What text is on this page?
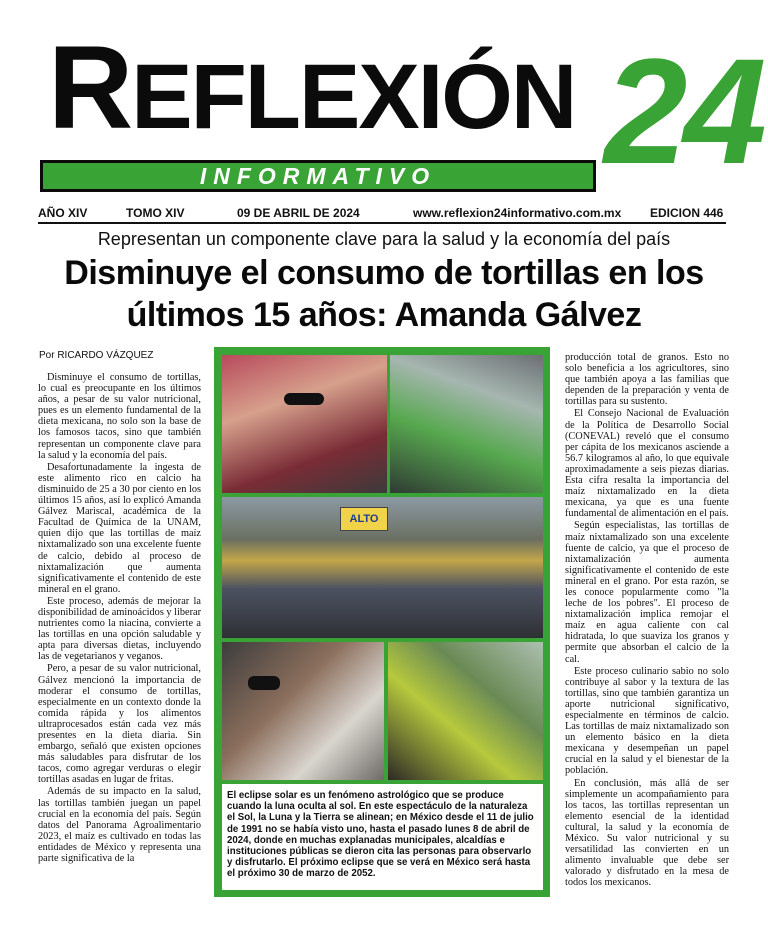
REFLEXIÓN 24
INFORMATIVO
AÑO XIV	TOMO XIV	09 DE ABRIL DE 2024	www.reflexion24informativo.com.mx EDICION 446
Representan un componente clave para la salud y la economía del país
Disminuye el consumo de tortillas en los últimos 15 años: Amanda Gálvez
Por RICARDO VÁZQUEZ

Disminuye el consumo de tortillas, lo cual es preocupante en los últimos años, a pesar de su valor nutricional, pues es un elemento fundamental de la dieta mexicana, no solo son la base de los famosos tacos, sino que también representan un componente clave para la salud y la economía del país.

Desafortunadamente la ingesta de este alimento rico en calcio ha disminuido de 25 a 30 por ciento en los últimos 15 años, así lo explicó Amanda Gálvez Mariscal, académica de la Facultad de Química de la UNAM, quien dijo que las tortillas de maíz nixtamalizado son una excelente fuente de calcio, debido al proceso de nixtamalización que aumenta significativamente el contenido de este mineral en el grano.

Este proceso, además de mejorar la disponibilidad de aminoácidos y liberar nutrientes como la niacina, convierte a las tortillas en una opción saludable y apta para diversas dietas, incluyendo las de vegetarianos y veganos.

Pero, a pesar de su valor nutricional, Gálvez mencionó la importancia de moderar el consumo de tortillas, especialmente en un contexto donde la comida rápida y los alimentos ultraprocesados están cada vez más presentes en la dieta diaria. Sin embargo, señaló que existen opciones más saludables para disfrutar de los tacos, como agregar verduras o elegir tortillas asadas en lugar de fritas.

Además de su impacto en la salud, las tortillas también juegan un papel crucial en la economía del país. Según datos del Panorama Agroalimentario 2023, el maíz es cultivado en todas las entidades de México y representa una parte significativa de la

ALTO
El eclipse solar es un fenómeno astrológico que se produce cuando la luna oculta al sol. En este espectáculo de la naturaleza el Sol, la Luna y la Tierra se alinean; en México desde el 11 de julio de 1991 no se había visto uno, hasta el pasado lunes 8 de abril de 2024, donde en muchas explanadas municipales, alcaldías e instituciones públicas se dieron cita las personas para observarlo y disfrutarlo. El próximo eclipse que se verá en México será hasta el próximo 30 de marzo de 2052.

producción total de granos. Esto no solo beneficia a los agricultores, sino que también apoya a las familias que dependen de la preparación y venta de tortillas para su sustento.

El Consejo Nacional de Evaluación de la Política de Desarrollo Social (CONEVAL) reveló que el consumo per cápita de los mexicanos asciende a 56.7 kilogramos al año, lo que equivale aproximadamente a seis piezas diarias. Esta cifra resalta la importancia del maíz nixtamalizado en la dieta mexicana, ya que es una fuente fundamental de alimentación en el país.

Según especialistas, las tortillas de maíz nixtamalizado son una excelente fuente de calcio, ya que el proceso de nixtamalización aumenta significativamente el contenido de este mineral en el grano. Por esta razón, se les conoce popularmente como "la leche de los pobres". El proceso de nixtamalización implica remojar el maíz en agua caliente con cal hidratada, lo que suaviza los granos y permite que absorban el calcio de la cal.

Este proceso culinario sabio no solo contribuye al sabor y la textura de las tortillas, sino que también garantiza un aporte nutricional significativo, especialmente en términos de calcio. Las tortillas de maíz nixtamalizado son un elemento básico en la dieta mexicana y desempeñan un papel crucial en la salud y el bienestar de la población.

En conclusión, más allá de ser simplemente un acompañamiento para los tacos, las tortillas representan un elemento esencial de la identidad cultural, la salud y la economía de México. Su valor nutricional y su versatilidad las convierten en un alimento invaluable que debe ser valorado y disfrutado en la mesa de todos los mexicanos.
